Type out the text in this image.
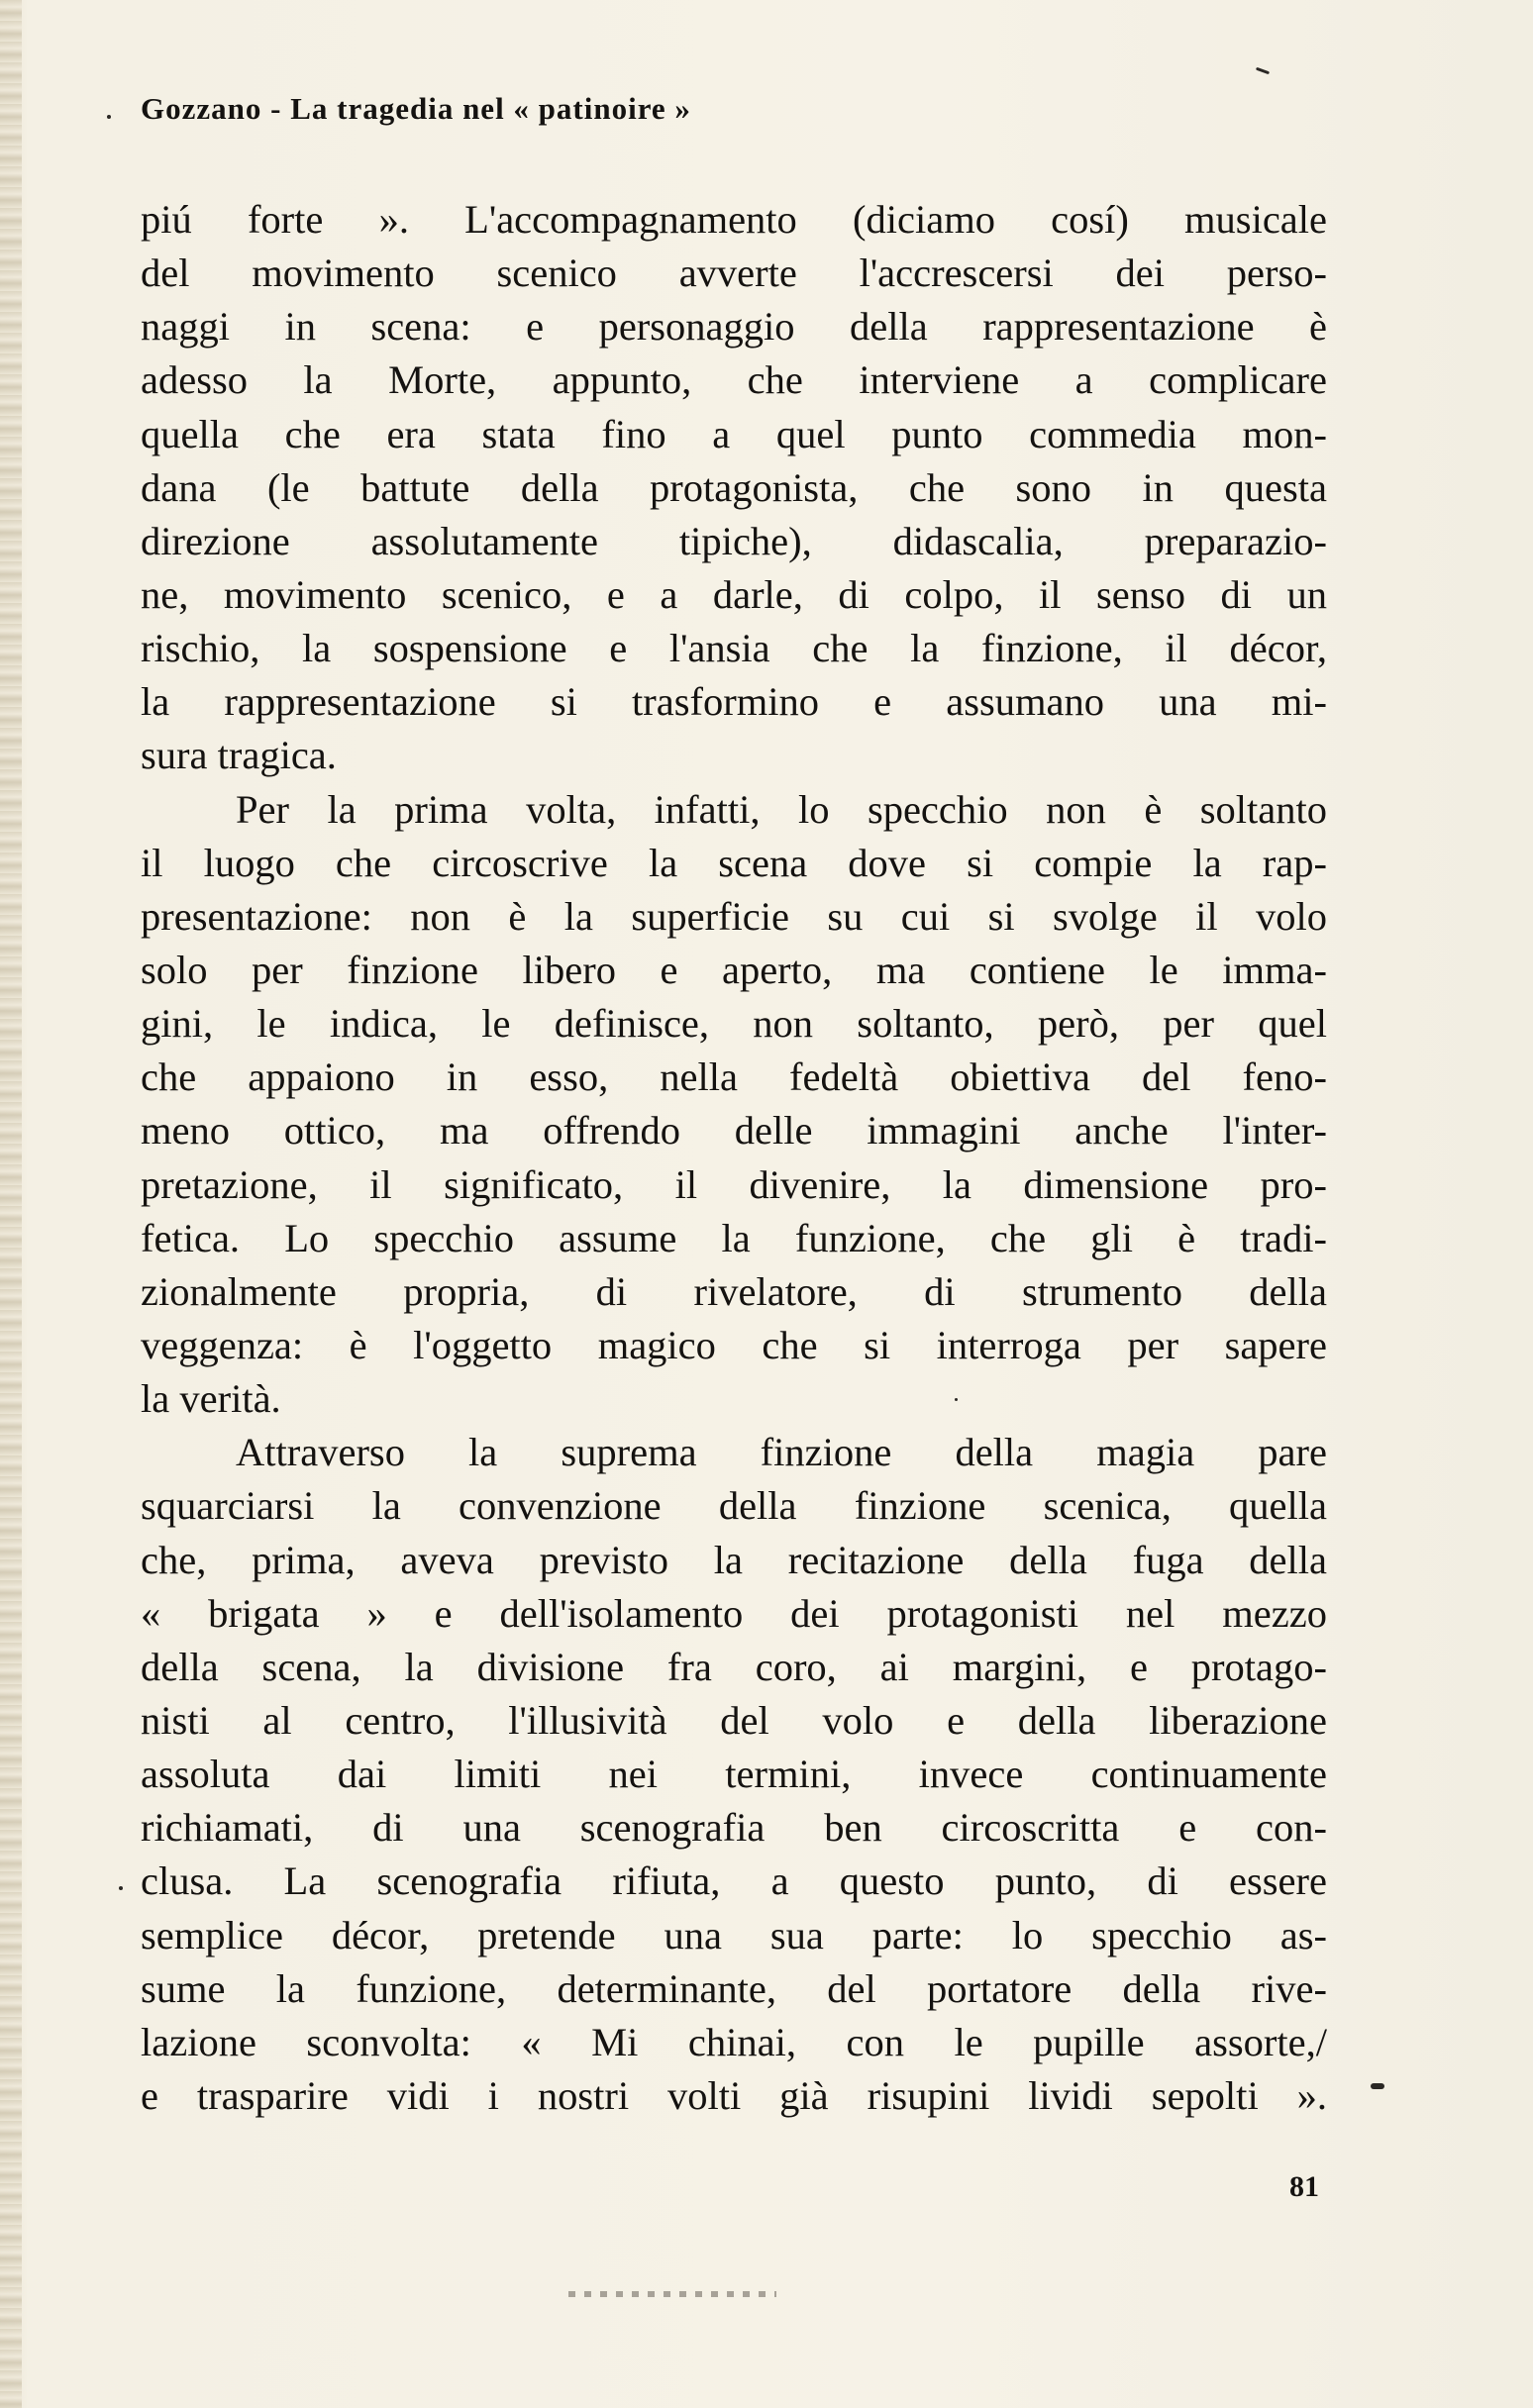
Gozzano - La tragedia nel « patinoire »
piú forte ». L'accompagnamento (diciamo cosí) musicale
del movimento scenico avverte l'accrescersi dei perso-
naggi in scena: e personaggio della rappresentazione è
adesso la Morte, appunto, che interviene a complicare
quella che era stata fino a quel punto commedia mon-
dana (le battute della protagonista, che sono in questa
direzione assolutamente tipiche), didascalia, preparazio-
ne, movimento scenico, e a darle, di colpo, il senso di un
rischio, la sospensione e l'ansia che la finzione, il décor,
la rappresentazione si trasformino e assumano una mi-
sura tragica.
Per la prima volta, infatti, lo specchio non è soltanto
il luogo che circoscrive la scena dove si compie la rap-
presentazione: non è la superficie su cui si svolge il volo
solo per finzione libero e aperto, ma contiene le imma-
gini, le indica, le definisce, non soltanto, però, per quel
che appaiono in esso, nella fedeltà obiettiva del feno-
meno ottico, ma offrendo delle immagini anche l'inter-
pretazione, il significato, il divenire, la dimensione pro-
fetica. Lo specchio assume la funzione, che gli è tradi-
zionalmente propria, di rivelatore, di strumento della
veggenza: è l'oggetto magico che si interroga per sapere
la verità.
Attraverso la suprema finzione della magia pare
squarciarsi la convenzione della finzione scenica, quella
che, prima, aveva previsto la recitazione della fuga della
« brigata » e dell'isolamento dei protagonisti nel mezzo
della scena, la divisione fra coro, ai margini, e protago-
nisti al centro, l'illusività del volo e della liberazione
assoluta dai limiti nei termini, invece continuamente
richiamati, di una scenografia ben circoscritta e con-
clusa. La scenografia rifiuta, a questo punto, di essere
semplice décor, pretende una sua parte: lo specchio as-
sume la funzione, determinante, del portatore della rive-
lazione sconvolta: « Mi chinai, con le pupille assorte,/
e trasparire vidi i nostri volti già risupini lividi sepolti ».
81
